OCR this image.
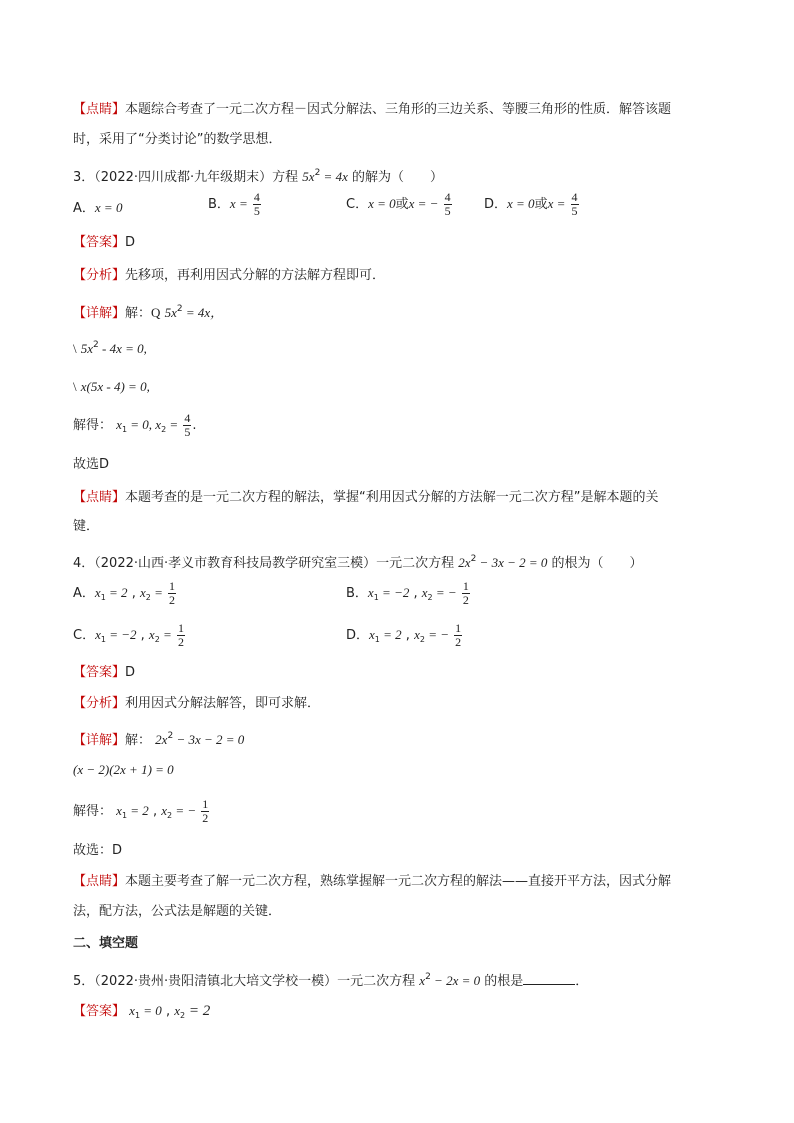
【点睛】本题综合考查了一元二次方程－因式分解法、三角形的三边关系、等腰三角形的性质．解答该题
时，采用了“分类讨论”的数学思想．
3．（2022·四川成都·九年级期末）方程 $5x^2 = 4x$ 的解为（　　）
A．x = 0	B．$x = \frac{4}{5}$	C．x = 0或x = − $\frac{4}{5}$ D．x = 0或$x = \frac{4}{5}$
【答案】D
【分析】先移项，再利用因式分解的方法解方程即可．
【详解】解：Q $5x^2 = 4x$，
\ $5x^2 - 4x = 0$,
\ x(5x - 4) = 0,
解得： $x_1 = 0$, $x_2 = \frac{4}{5}$ .
故选D
【点睛】本题考查的是一元二次方程的解法，掌握“利用因式分解的方法解一元二次方程”是解本题的关
键．
4．（2022·山西·孝义市教育科技局教学研究室三模）一元二次方程 $2x^2 - 3x - 2 = 0$ 的根为（　　）
A．$x_1 = 2$ , $x_2 = \frac{1}{2}$	B．$x_1 = -2$ , $x_2$ = − $\frac{1}{2}$
C．$x_1 = -2$ , $x_2 = \frac{1}{2}$	D．$x_1 = 2$ , $x_2$ = − $\frac{1}{2}$
【答案】D
【分析】利用因式分解法解答，即可求解．
【详解】解： $2x^2 - 3x - 2 = 0$
(x − 2)(2x + 1) = 0
解得： $x_1 = 2$ , $x_2$ = − $\frac{1}{2}$
故选：D
【点睛】本题主要考查了解一元二次方程，熟练掌握解一元二次方程的解法——直接开平方法，因式分解
法，配方法，公式法是解题的关键．
二、填空题
5．（2022·贵州·贵阳清镇北大培文学校一模）一元二次方程 $x^2 - 2x = 0$ 的根是	．
【答案】 $x_1 = 0$ , $x_2 = 2$
